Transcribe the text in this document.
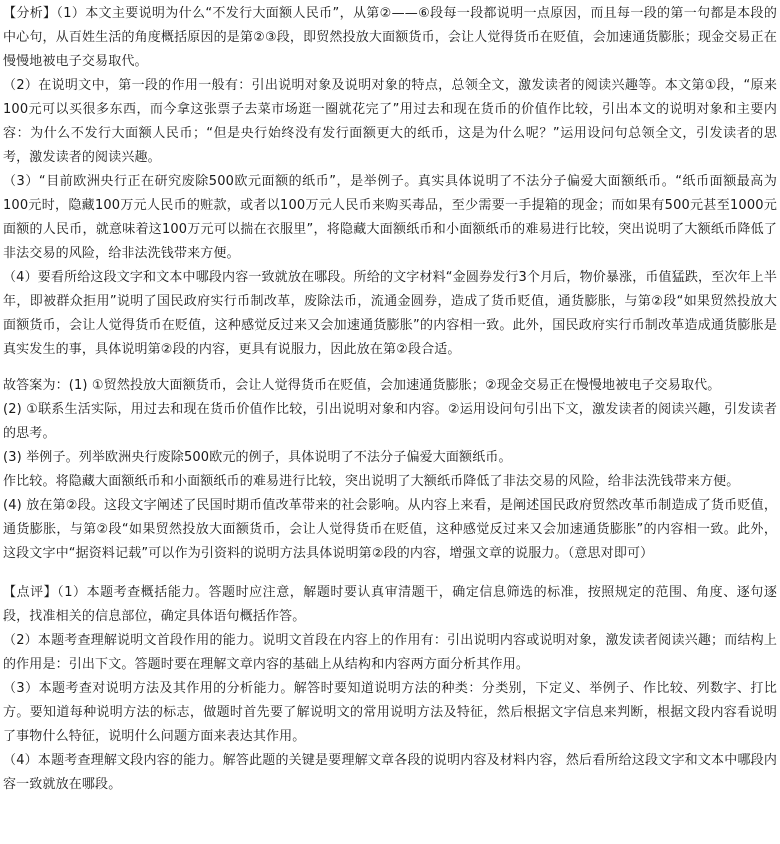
【分析】（1）本文主要说明为什么“不发行大面额人民币”，从第②——⑥段每一段都说明一点原因，而且每一段的第一句都是本段的中心句，从百姓生活的角度概括原因的是第②③段，即贸然投放大面额货币，会让人觉得货币在贬值，会加速通货膨胀；现金交易正在慢慢地被电子交易取代。

（2）在说明文中，第一段的作用一般有：引出说明对象及说明对象的特点，总领全文，激发读者的阅读兴趣等。本文第①段，“原来100元可以买很多东西，而今拿这张票子去菜市场逛一圈就花完了”用过去和现在货币的价值作比较，引出本文的说明对象和主要内容：为什么不发行大面额人民币；“但是央行始终没有发行面额更大的纸币，这是为什么呢？”运用设问句总领全文，引发读者的思考，激发读者的阅读兴趣。

（3）“目前欧洲央行正在研究废除500欧元面额的纸币”，是举例子。真实具体说明了不法分子偏爱大面额纸币。“纸币面额最高为100元时，隐藏100万元人民币的赃款，或者以100万元人民币来购买毒品，至少需要一手提箱的现金；而如果有500元甚至1000元面额的人民币，就意味着这100万元可以揣在衣服里”，将隐藏大面额纸币和小面额纸币的难易进行比较，突出说明了大额纸币降低了非法交易的风险，给非法洗钱带来方便。

（4）要看所给这段文字和文本中哪段内容一致就放在哪段。所给的文字材料“金圆券发行3个月后，物价暴涨，币值猛跌，至次年上半年，即被群众拒用”说明了国民政府实行币制改革，废除法币，流通金圆券，造成了货币贬值，通货膨胀，与第②段“如果贸然投放大面额货币，会让人觉得货币在贬值，这种感觉反过来又会加速通货膨胀”的内容相一致。此外，国民政府实行币制改革造成通货膨胀是真实发生的事，具体说明第②段的内容，更具有说服力，因此放在第②段合适。

故答案为：(1) ①贸然投放大面额货币，会让人觉得货币在贬值，会加速通货膨胀；②现金交易正在慢慢地被电子交易取代。

(2) ①联系生活实际，用过去和现在货币价值作比较，引出说明对象和内容。②运用设问句引出下文，激发读者的阅读兴趣，引发读者的思考。

(3) 举例子。列举欧洲央行废除500欧元的例子，具体说明了不法分子偏爱大面额纸币。

作比较。将隐藏大面额纸币和小面额纸币的难易进行比较，突出说明了大额纸币降低了非法交易的风险，给非法洗钱带来方便。

(4) 放在第②段。这段文字阐述了民国时期币值改革带来的社会影响。从内容上来看，是阐述国民政府贸然改革币制造成了货币贬值，通货膨胀，与第②段“如果贸然投放大面额货币，会让人觉得货币在贬值，这种感觉反过来又会加速通货膨胀”的内容相一致。此外，这段文字中“据资料记载”可以作为引资料的说明方法具体说明第②段的内容，增强文章的说服力。（意思对即可）

【点评】（1）本题考查概括能力。答题时应注意，解题时要认真审清题干，确定信息筛选的标准，按照规定的范围、角度、逐句逐段，找准相关的信息部位，确定具体语句概括作答。

（2）本题考查理解说明文首段作用的能力。说明文首段在内容上的作用有：引出说明内容或说明对象，激发读者阅读兴趣；而结构上的作用是：引出下文。答题时要在理解文章内容的基础上从结构和内容两方面分析其作用。

（3）本题考查对说明方法及其作用的分析能力。解答时要知道说明方法的种类：分类别，下定义、举例子、作比较、列数字、打比方。要知道每种说明方法的标志，做题时首先要了解说明文的常用说明方法及特征，然后根据文字信息来判断，根据文段内容看说明了事物什么特征，说明什么问题方面来表达其作用。

（4）本题考查理解文段内容的能力。解答此题的关键是要理解文章各段的说明内容及材料内容，然后看所给这段文字和文本中哪段内容一致就放在哪段。
